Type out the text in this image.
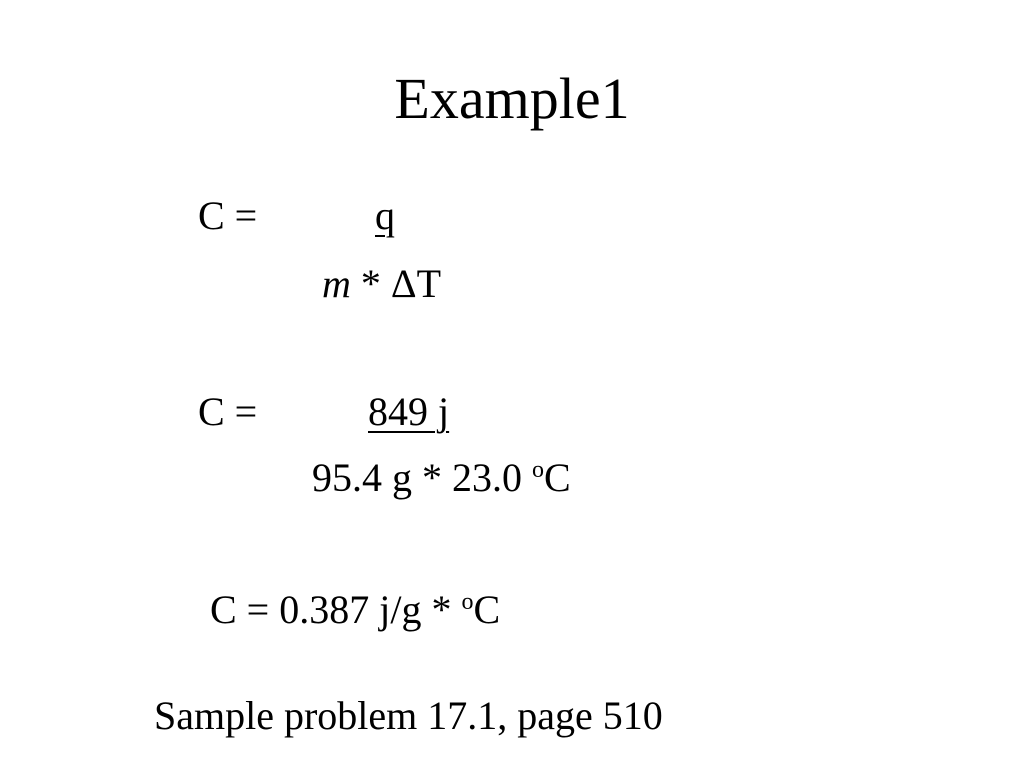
Example1
C =	q
m * ΔT
C =	849 j
95.4 g * 23.0 $^o$C
C = 0.387 j/g * $^o$C
Sample problem 17.1, page 510
